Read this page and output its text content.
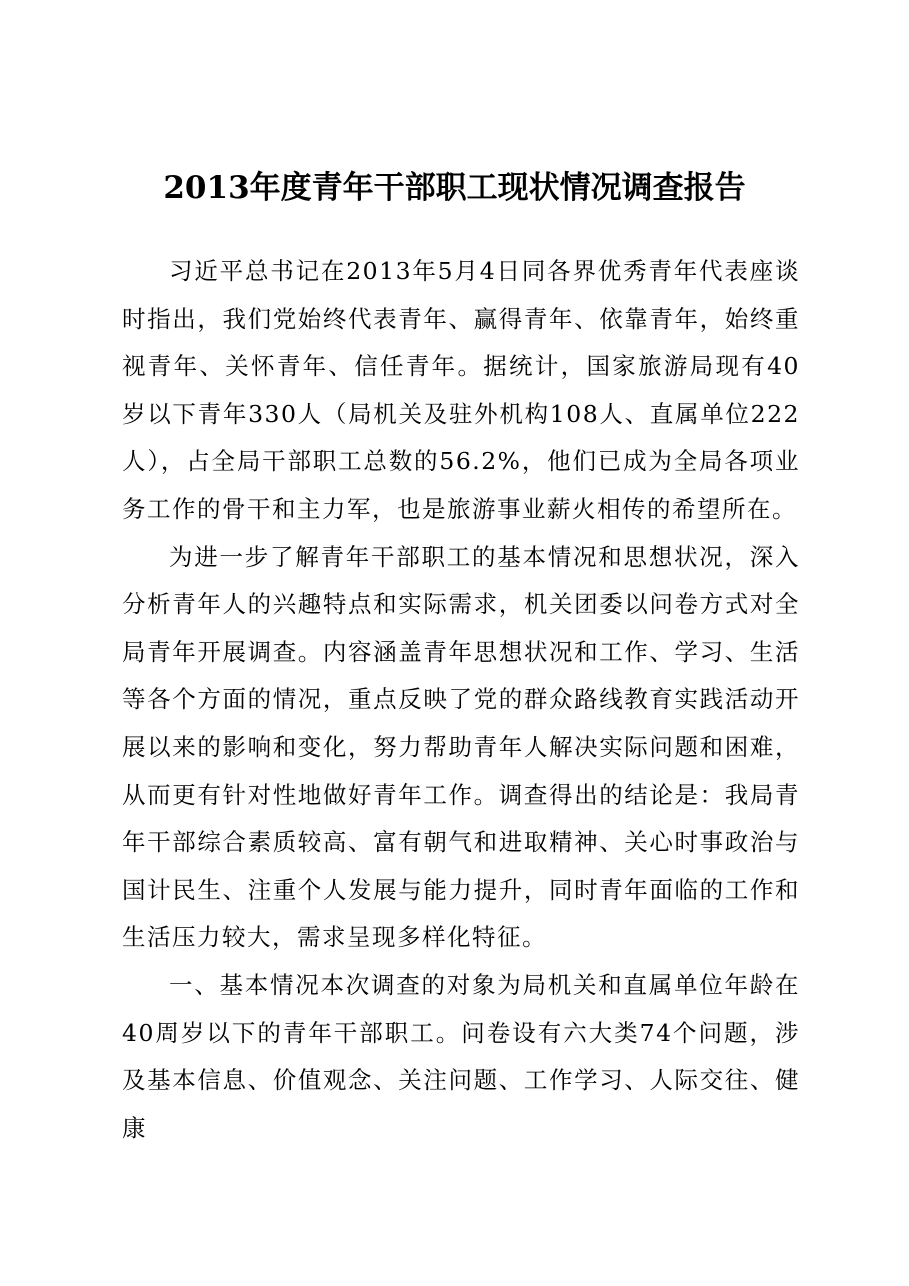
2013年度青年干部职工现状情况调查报告

习近平总书记在2013年5月4日同各界优秀青年代表座谈时指出，我们党始终代表青年、赢得青年、依靠青年，始终重视青年、关怀青年、信任青年。据统计，国家旅游局现有40岁以下青年330人（局机关及驻外机构108人、直属单位222人），占全局干部职工总数的56.2%，他们已成为全局各项业务工作的骨干和主力军，也是旅游事业薪火相传的希望所在。

为进一步了解青年干部职工的基本情况和思想状况，深入分析青年人的兴趣特点和实际需求，机关团委以问卷方式对全局青年开展调查。内容涵盖青年思想状况和工作、学习、生活等各个方面的情况，重点反映了党的群众路线教育实践活动开展以来的影响和变化，努力帮助青年人解决实际问题和困难，从而更有针对性地做好青年工作。调查得出的结论是：我局青年干部综合素质较高、富有朝气和进取精神、关心时事政治与国计民生、注重个人发展与能力提升，同时青年面临的工作和生活压力较大，需求呈现多样化特征。

一、基本情况本次调查的对象为局机关和直属单位年龄在40周岁以下的青年干部职工。问卷设有六大类74个问题，涉及基本信息、价值观念、关注问题、工作学习、人际交往、健康
